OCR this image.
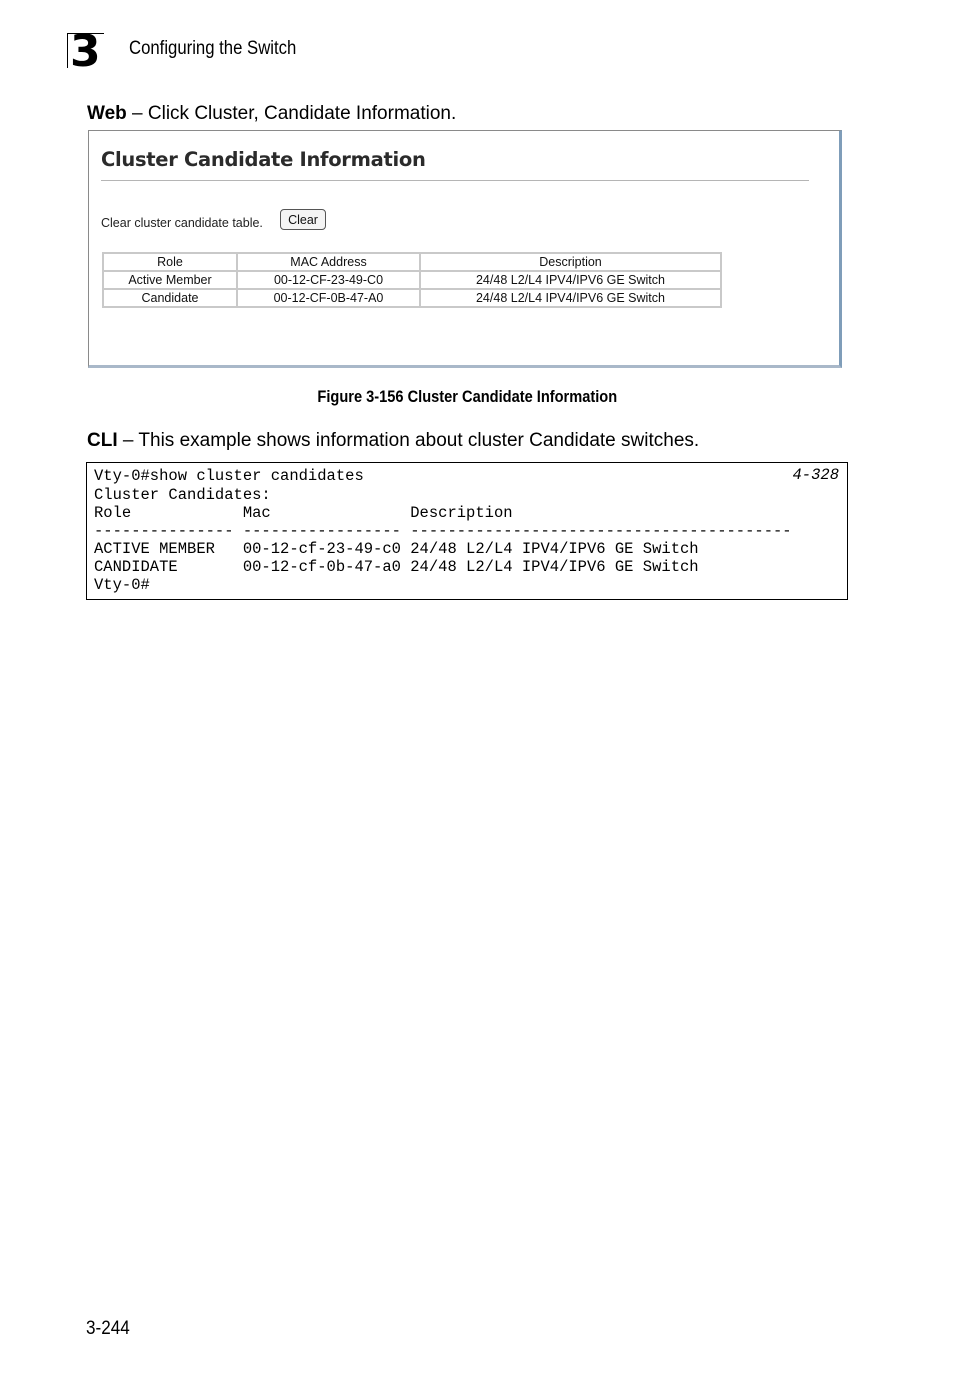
3 Configuring the Switch
Web – Click Cluster, Candidate Information.
Cluster Candidate Information
Clear cluster candidate table.	Clear
Role	MAC Address	Description
Active Member	00-12-CF-23-49-C0	24/48 L2/L4 IPV4/IPV6 GE Switch
Candidate	00-12-CF-0B-47-A0	24/48 L2/L4 IPV4/IPV6 GE Switch
Figure 3-156 Cluster Candidate Information
CLI – This example shows information about cluster Candidate switches.
4-328
Vty-0#show cluster candidates
Cluster Candidates:
Role            Mac               Description
--------------- ----------------- -----------------------------------------
ACTIVE MEMBER   00-12-cf-23-49-c0 24/48 L2/L4 IPV4/IPV6 GE Switch
CANDIDATE       00-12-cf-0b-47-a0 24/48 L2/L4 IPV4/IPV6 GE Switch
Vty-0#
3-244
